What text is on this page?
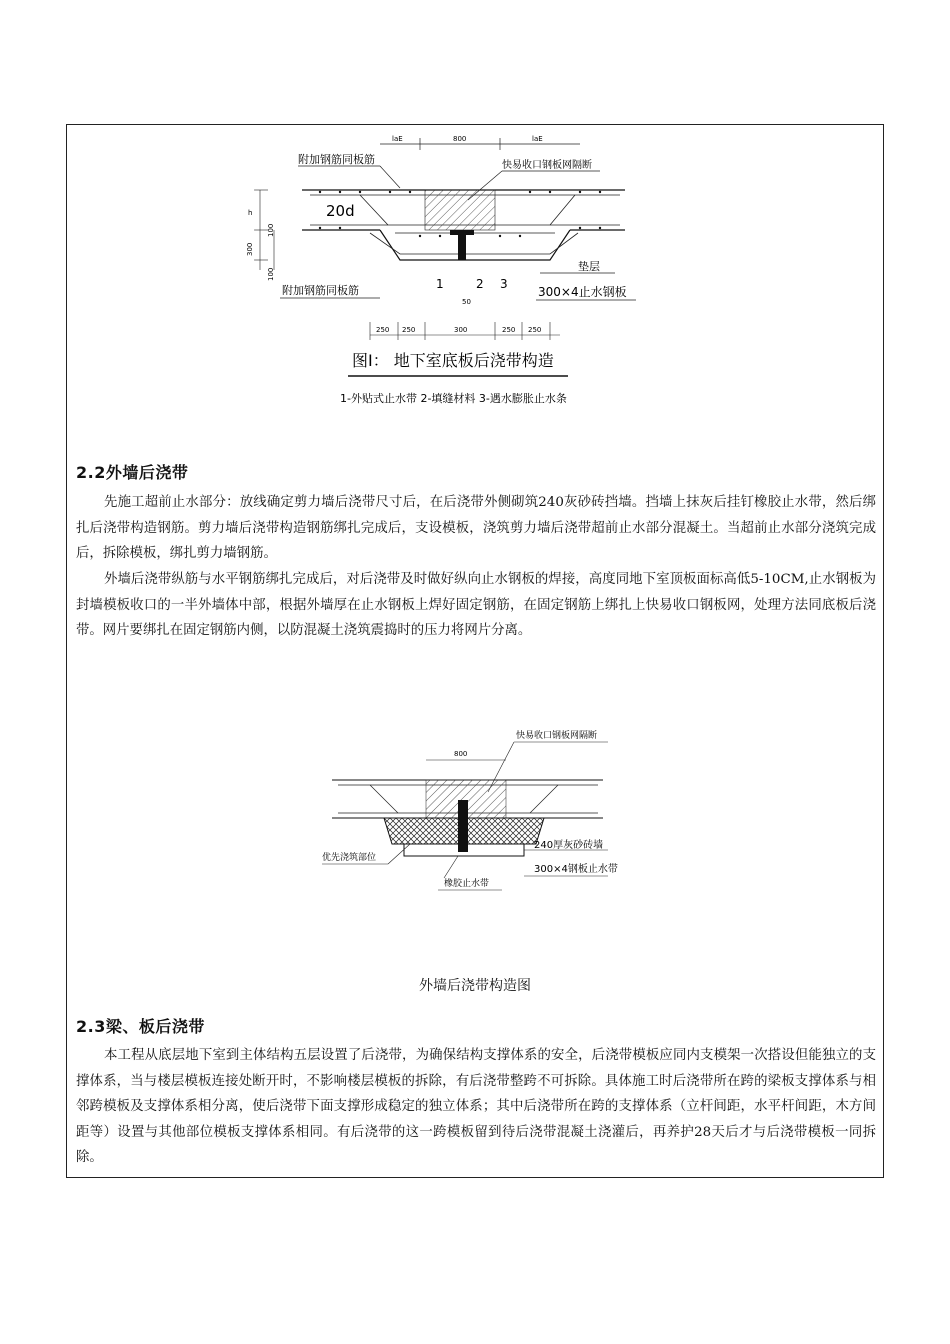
laE	800	laE
附加钢筋同板筋	快易收口钢板网隔断
h
300
100
100
20d
垫层
附加钢筋同板筋	1	2 3
50
300×4止水钢板
250 250	300	250 250
图I： 地下室底板后浇带构造
1-外贴式止水带 2-填缝材料 3-遇水膨胀止水条
2.2外墙后浇带

先施工超前止水部分：放线确定剪力墙后浇带尺寸后，在后浇带外侧砌筑240灰砂砖挡墙。挡墙上抹灰后挂钉橡胶止水带，然后绑扎后浇带构造钢筋。剪力墙后浇带构造钢筋绑扎完成后，支设模板，浇筑剪力墙后浇带超前止水部分混凝土。当超前止水部分浇筑完成后，拆除模板，绑扎剪力墙钢筋。

外墙后浇带纵筋与水平钢筋绑扎完成后，对后浇带及时做好纵向止水钢板的焊接，高度同地下室顶板面标高低5-10CM,止水钢板为封墙模板收口的一半外墙体中部，根据外墙厚在止水钢板上焊好固定钢筋，在固定钢筋上绑扎上快易收口钢板网，处理方法同底板后浇带。网片要绑扎在固定钢筋内侧，以防混凝土浇筑震捣时的压力将网片分离。

快易收口钢板网隔断
800
240厚灰砂砖墙
优先浇筑部位
300×4钢板止水带
橡胶止水带
外墙后浇带构造图
2.3梁、板后浇带

本工程从底层地下室到主体结构五层设置了后浇带，为确保结构支撑体系的安全，后浇带模板应同内支模架一次搭设但能独立的支撑体系，当与楼层模板连接处断开时，不影响楼层模板的拆除，有后浇带整跨不可拆除。具体施工时后浇带所在跨的梁板支撑体系与相邻跨模板及支撑体系相分离，使后浇带下面支撑形成稳定的独立体系；其中后浇带所在跨的支撑体系（立杆间距，水平杆间距，木方间距等）设置与其他部位模板支撑体系相同。有后浇带的这一跨模板留到待后浇带混凝土浇灌后，再养护28天后才与后浇带模板一同拆除。
